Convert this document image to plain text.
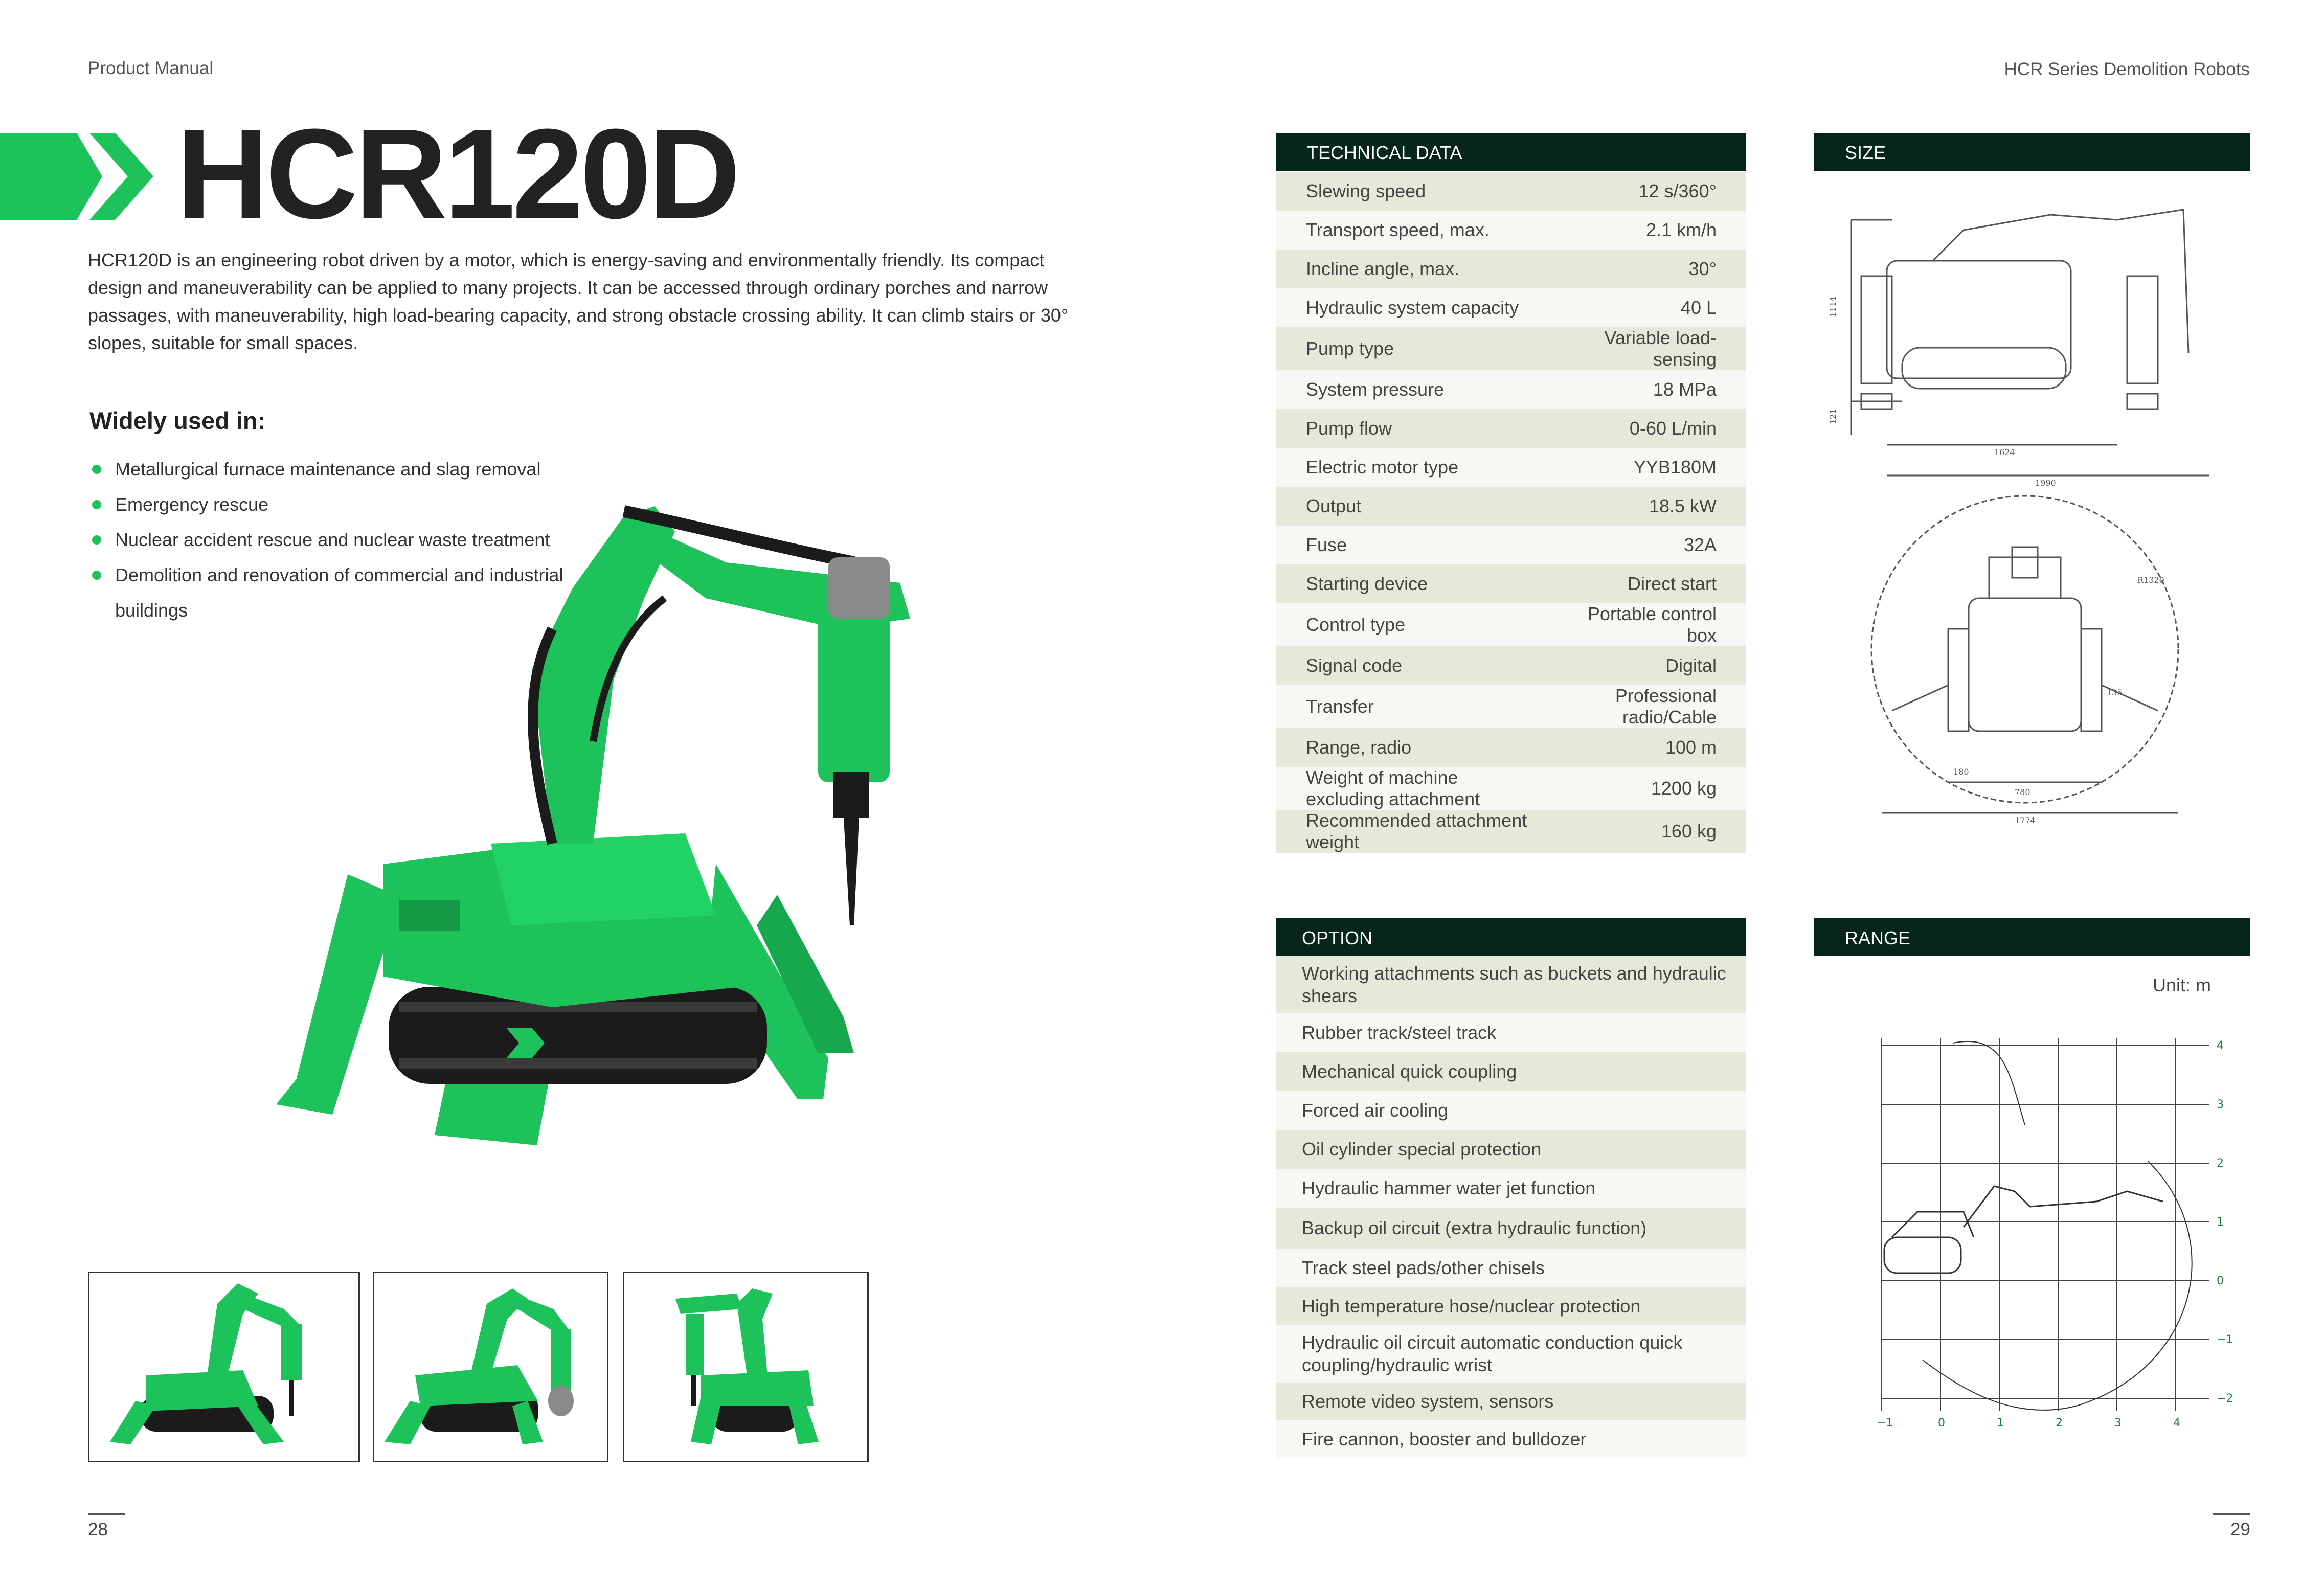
Product Manual	HCR Series Demolition Robots
HCR120D
HCR120D is an engineering robot driven by a motor, which is energy-saving and environmentally friendly. Its compact design and maneuverability can be applied to many projects. It can be accessed through ordinary porches and narrow passages, with maneuverability, high load-bearing capacity, and strong obstacle crossing ability. It can climb stairs or 30° slopes, suitable for small spaces.
Widely used in:
Metallurgical furnace maintenance and slag removal
Emergency rescue
Nuclear accident rescue and nuclear waste treatment
Demolition and renovation of commercial and industrial buildings
TECHNICAL DATA
Slewing speed	12 s/360°
Transport speed, max.	2.1 km/h
Incline angle, max.	30°
Hydraulic system capacity	40 L
Pump type	Variable load-sensing
System pressure	18 MPa
Pump flow	0-60 L/min
Electric motor type	YYB180M
Output	18.5 kW
Fuse	32A
Starting device	Direct start
Control type	Portable control box
Signal code	Digital
Transfer	Professional radio/Cable
Range, radio	100 m
Weight of machine excluding attachment	1200 kg
Recommended attachment weight	160 kg
OPTION
Working attachments such as buckets and hydraulic shears
Rubber track/steel track
Mechanical quick coupling
Forced air cooling
Oil cylinder special protection
Hydraulic hammer water jet function
Backup oil circuit (extra hydraulic function)
Track steel pads/other chisels
High temperature hose/nuclear protection
Hydraulic oil circuit automatic conduction quick coupling/hydraulic wrist
Remote video system, sensors
Fire cannon, booster and bulldozer
SIZE
1114
121
1624
1990
R1320
135
180
780
1774
RANGE
Unit: m
4
3
2
1
0
−1
−2
−1	0	1	2	3	4
28	29
